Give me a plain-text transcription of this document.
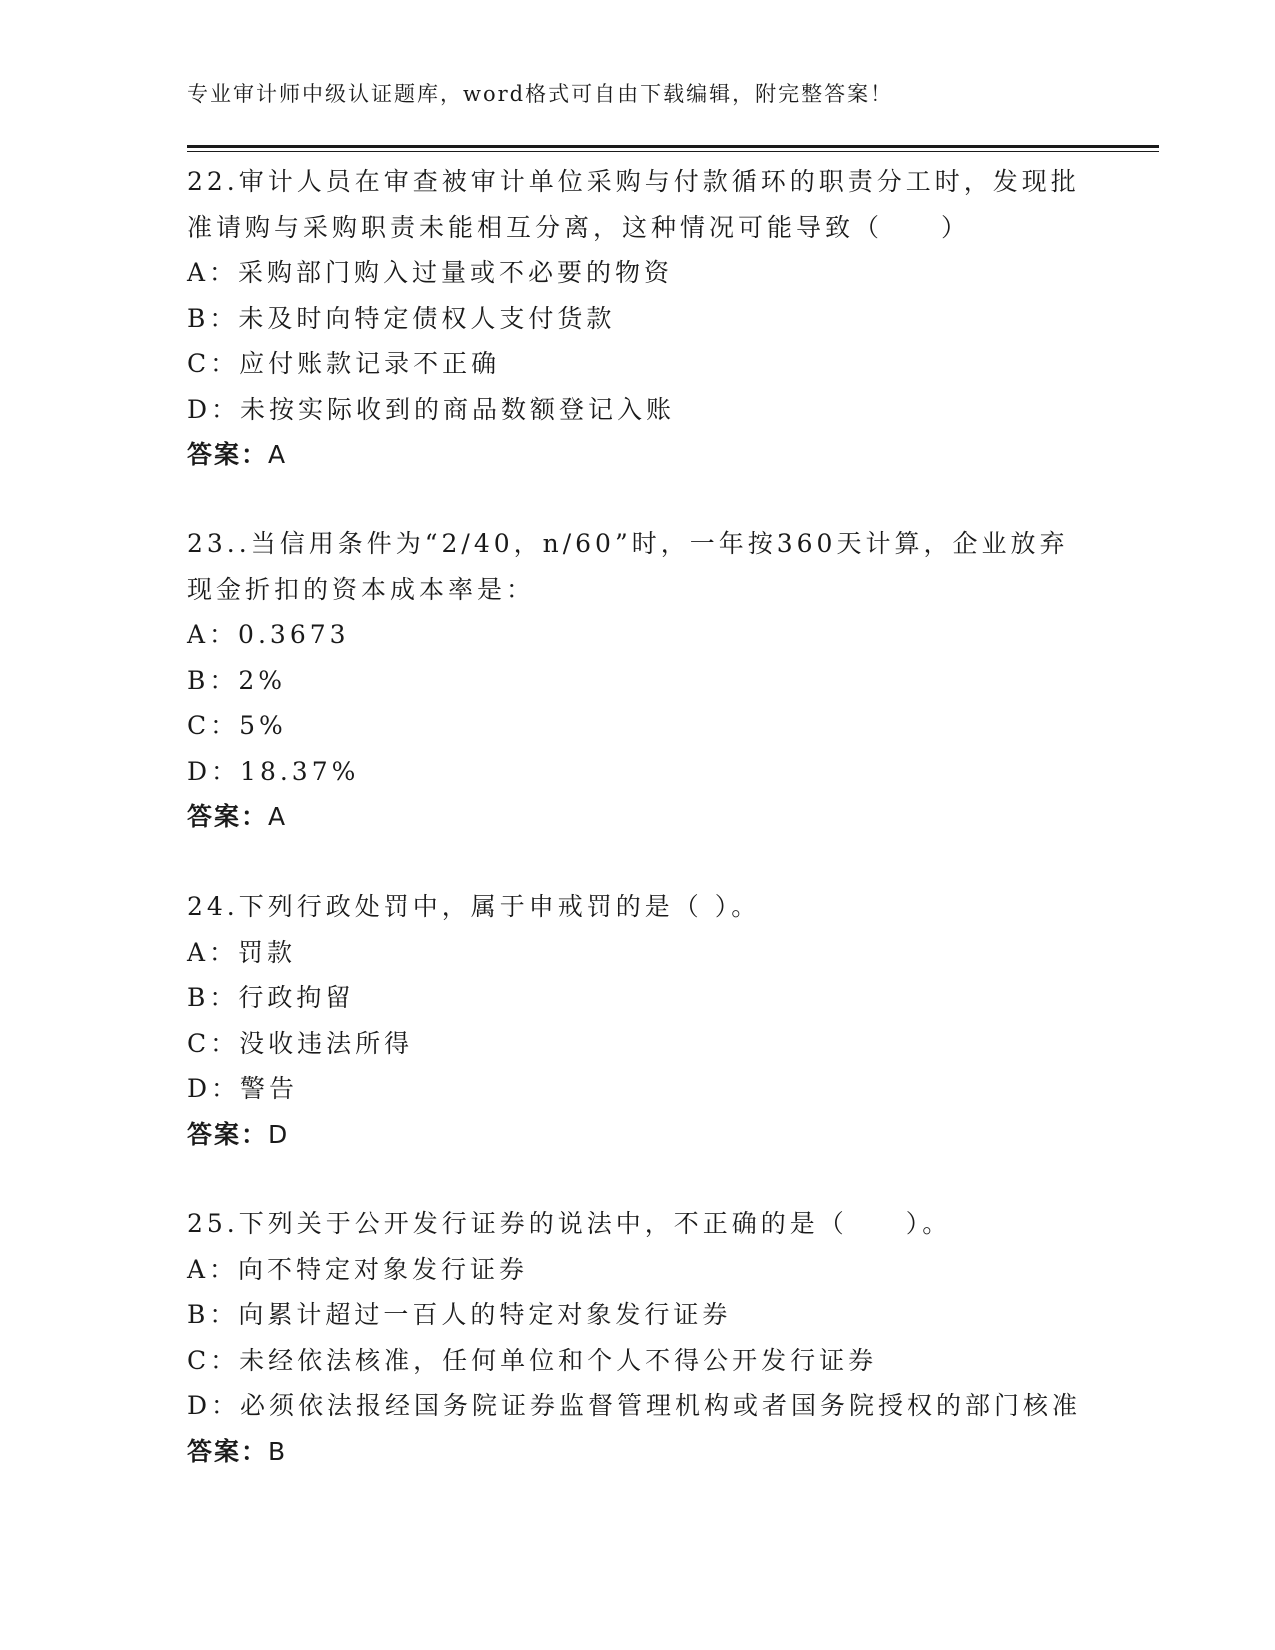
专业审计师中级认证题库，word格式可自由下载编辑，附完整答案！
22.审计人员在审查被审计单位采购与付款循环的职责分工时，发现批
准请购与采购职责未能相互分离，这种情况可能导致（　　）
A：采购部门购入过量或不必要的物资
B：未及时向特定债权人支付货款
C：应付账款记录不正确
D：未按实际收到的商品数额登记入账
答案：A
23..当信用条件为“2/40，n/60”时，一年按360天计算，企业放弃
现金折扣的资本成本率是：
A：0.3673
B：2%
C：5%
D：18.37%
答案：A
24.下列行政处罚中，属于申戒罚的是（ ）。
A：罚款
B：行政拘留
C：没收违法所得
D：警告
答案：D
25.下列关于公开发行证券的说法中，不正确的是（　　）。
A：向不特定对象发行证券
B：向累计超过一百人的特定对象发行证券
C：未经依法核准，任何单位和个人不得公开发行证券
D：必须依法报经国务院证券监督管理机构或者国务院授权的部门核准
答案：B
